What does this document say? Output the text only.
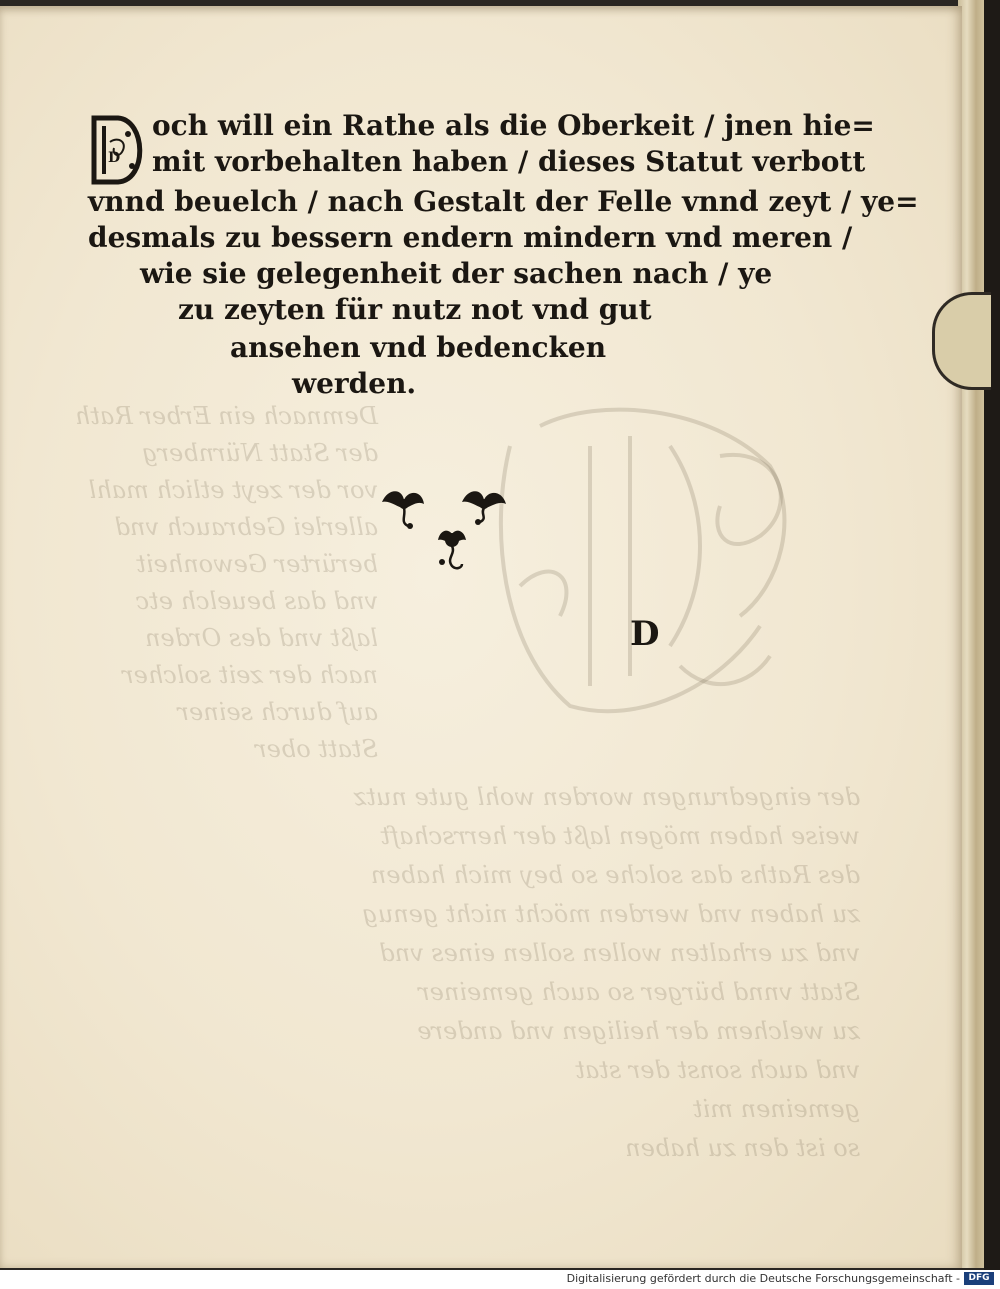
Demnach ein Erber Rath
der Statt Nürnberg
vor der zeyt etlich mahl
allerlei Gebrauch vnd
berürter Gewonheit
vnd das beuelch etc
laßt vnd des Orden
nach der zeit solcher
auf durch seiner
Statt ober
der eingedrungen worden wohl gute nutz
weise haben mögen laßt der herrschaft
des Raths das solche so bey mich haben
zu haben vnd werden möcht nicht genug
vnd zu erhalten wollen sollen eines vnd
Statt vnnd bürger so auch gemeiner
zu welchem der heiligen vnd andere
vnd auch sonst der stat
gemeinen mit
so ist den zu haben
D
och will ein Rathe als die Oberkeit / jnen hie=
mit vorbehalten haben / dieses Statut verbott
vnnd beuelch / nach Gestalt der Felle vnnd zeyt / ye=
desmals zu bessern endern mindern vnd meren /
wie sie gelegenheit der sachen nach / ye
zu zeyten für nutz not vnd gut
ansehen vnd bedencken
werden.
D
Digitalisierung gefördert durch die Deutsche Forschungsgemeinschaft - DFG
